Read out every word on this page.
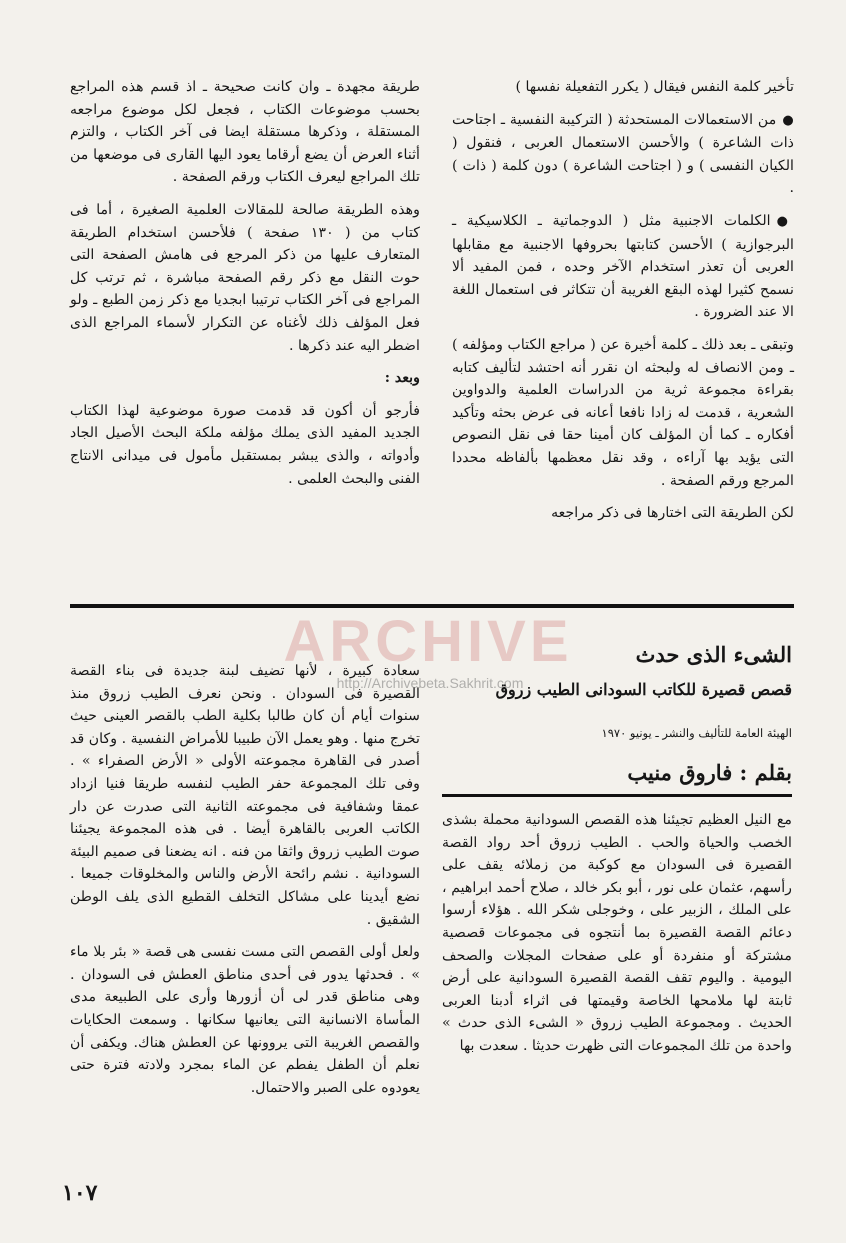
تأخير كلمة النفس فيقال ( يكرر التفعيلة نفسها )

● من الاستعمالات المستحدثة ( التركيبة النفسية ـ اجتاحت ذات الشاعرة ) والأحسن الاستعمال العربى ، فنقول ( الكيان النفسى ) و ( اجتاحت الشاعرة ) دون كلمة ( ذات ) .

● الكلمات الاجنبية مثل ( الدوجماتية ـ الكلاسيكية ـ البرجوازية ) الأحسن كتابتها بحروفها الاجنبية مع مقابلها العربى أن تعذر استخدام الآخر وحده ، فمن المفيد ألا نسمح كثيرا لهذه البقع الغريبة أن تتكاثر فى استعمال اللغة الا عند الضرورة .

وتبقى ـ بعد ذلك ـ كلمة أخيرة عن ( مراجع الكتاب ومؤلفه ) ـ ومن الانصاف له ولبحثه ان نقرر أنه احتشد لتأليف كتابه بقراءة مجموعة ثرية من الدراسات العلمية والدواوين الشعرية ، قدمت له زادا نافعا أعانه فى عرض بحثه وتأكيد أفكاره ـ كما أن المؤلف كان أمينا حقا فى نقل النصوص التى يؤيد بها آراءه ، وقد نقل معظمها بألفاظه محددا المرجع ورقم الصفحة .

لكن الطريقة التى اختارها فى ذكر مراجعه

طريقة مجهدة ـ وان كانت صحيحة ـ اذ قسم هذه المراجع بحسب موضوعات الكتاب ، فجعل لكل موضوع مراجعه المستقلة ، وذكرها مستقلة ايضا فى آخر الكتاب ، والتزم أثناء العرض أن يضع أرقاما يعود اليها القارى فى موضعها من تلك المراجع ليعرف الكتاب ورقم الصفحة .

وهذه الطريقة صالحة للمقالات العلمية الصغيرة ، أما فى كتاب من ( ١٣٠ صفحة ) فلأحسن استخدام الطريقة المتعارف عليها من ذكر المرجع فى هامش الصفحة التى حوت النقل مع ذكر رقم الصفحة مباشرة ، ثم ترتب كل المراجع فى آخر الكتاب ترتيبا ابجديا مع ذكر زمن الطبع ـ ولو فعل المؤلف ذلك لأغناه عن التكرار لأسماء المراجع الذى اضطر اليه عند ذكرها .

وبعد :

فأرجو أن أكون قد قدمت صورة موضوعية لهذا الكتاب الجديد المفيد الذى يملك مؤلفه ملكة البحث الأصيل الجاد وأدواته ، والذى يبشر بمستقبل مأمول فى ميدانى الانتاج الفنى والبحث العلمى .

ARCHIVE
http://Archivebeta.Sakhrit.com
الشىء الذى حدث
قصص قصيرة للكاتب السودانى الطيب زروق
الهيئة العامة للتأليف والنشر ـ يونيو ١٩٧٠
بقلم : فاروق منيب

مع النيل العظيم تجيئنا هذه القصص السودانية محملة بشذى الخصب والحياة والحب . الطيب زروق أحد رواد القصة القصيرة فى السودان مع كوكبة من زملائه يقف على رأسهم، عثمان على نور ، أبو بكر خالد ، صلاح أحمد ابراهيم ، على الملك ، الزبير على ، وخوجلى شكر الله . هؤلاء أرسوا دعائم القصة القصيرة بما أنتجوه فى مجموعات قصصية مشتركة أو منفردة أو على صفحات المجلات والصحف اليومية . واليوم تقف القصة القصيرة السودانية على أرض ثابتة لها ملامحها الخاصة وقيمتها فى اثراء أدبنا العربى الحديث . ومجموعة الطيب زروق « الشىء الذى حدث » واحدة من تلك المجموعات التى ظهرت حديثا . سعدت بها

سعادة كبيرة ، لأنها تضيف لبنة جديدة فى بناء القصة القصيرة فى السودان . ونحن نعرف الطيب زروق منذ سنوات أيام أن كان طالبا بكلية الطب بالقصر العينى حيث تخرج منها . وهو يعمل الآن طبيبا للأمراض النفسية . وكان قد أصدر فى القاهرة مجموعته الأولى « الأرض الصفراء » . وفى تلك المجموعة حفر الطيب لنفسه طريقا فنيا ازداد عمقا وشفافية فى مجموعته الثانية التى صدرت عن دار الكاتب العربى بالقاهرة أيضا . فى هذه المجموعة يجيئنا صوت الطيب زروق واثقا من فنه . انه يضعنا فى صميم البيئة السودانية . نشم رائحة الأرض والناس والمخلوقات جميعا . نضع أيدينا على مشاكل التخلف القطيع الذى يلف الوطن الشقيق .

ولعل أولى القصص التى مست نفسى هى قصة « بئر بلا ماء » . فحدثها يدور فى أحدى مناطق العطش فى السودان . وهى مناطق قدر لى أن أزورها وأرى على الطبيعة مدى المأساة الانسانية التى يعانيها سكانها . وسمعت الحكايات والقصص الغريبة التى يروونها عن العطش هناك. ويكفى أن نعلم أن الطفل يفطم عن الماء بمجرد ولادته فترة حتى يعودوه على الصبر والاحتمال.

١٠٧
